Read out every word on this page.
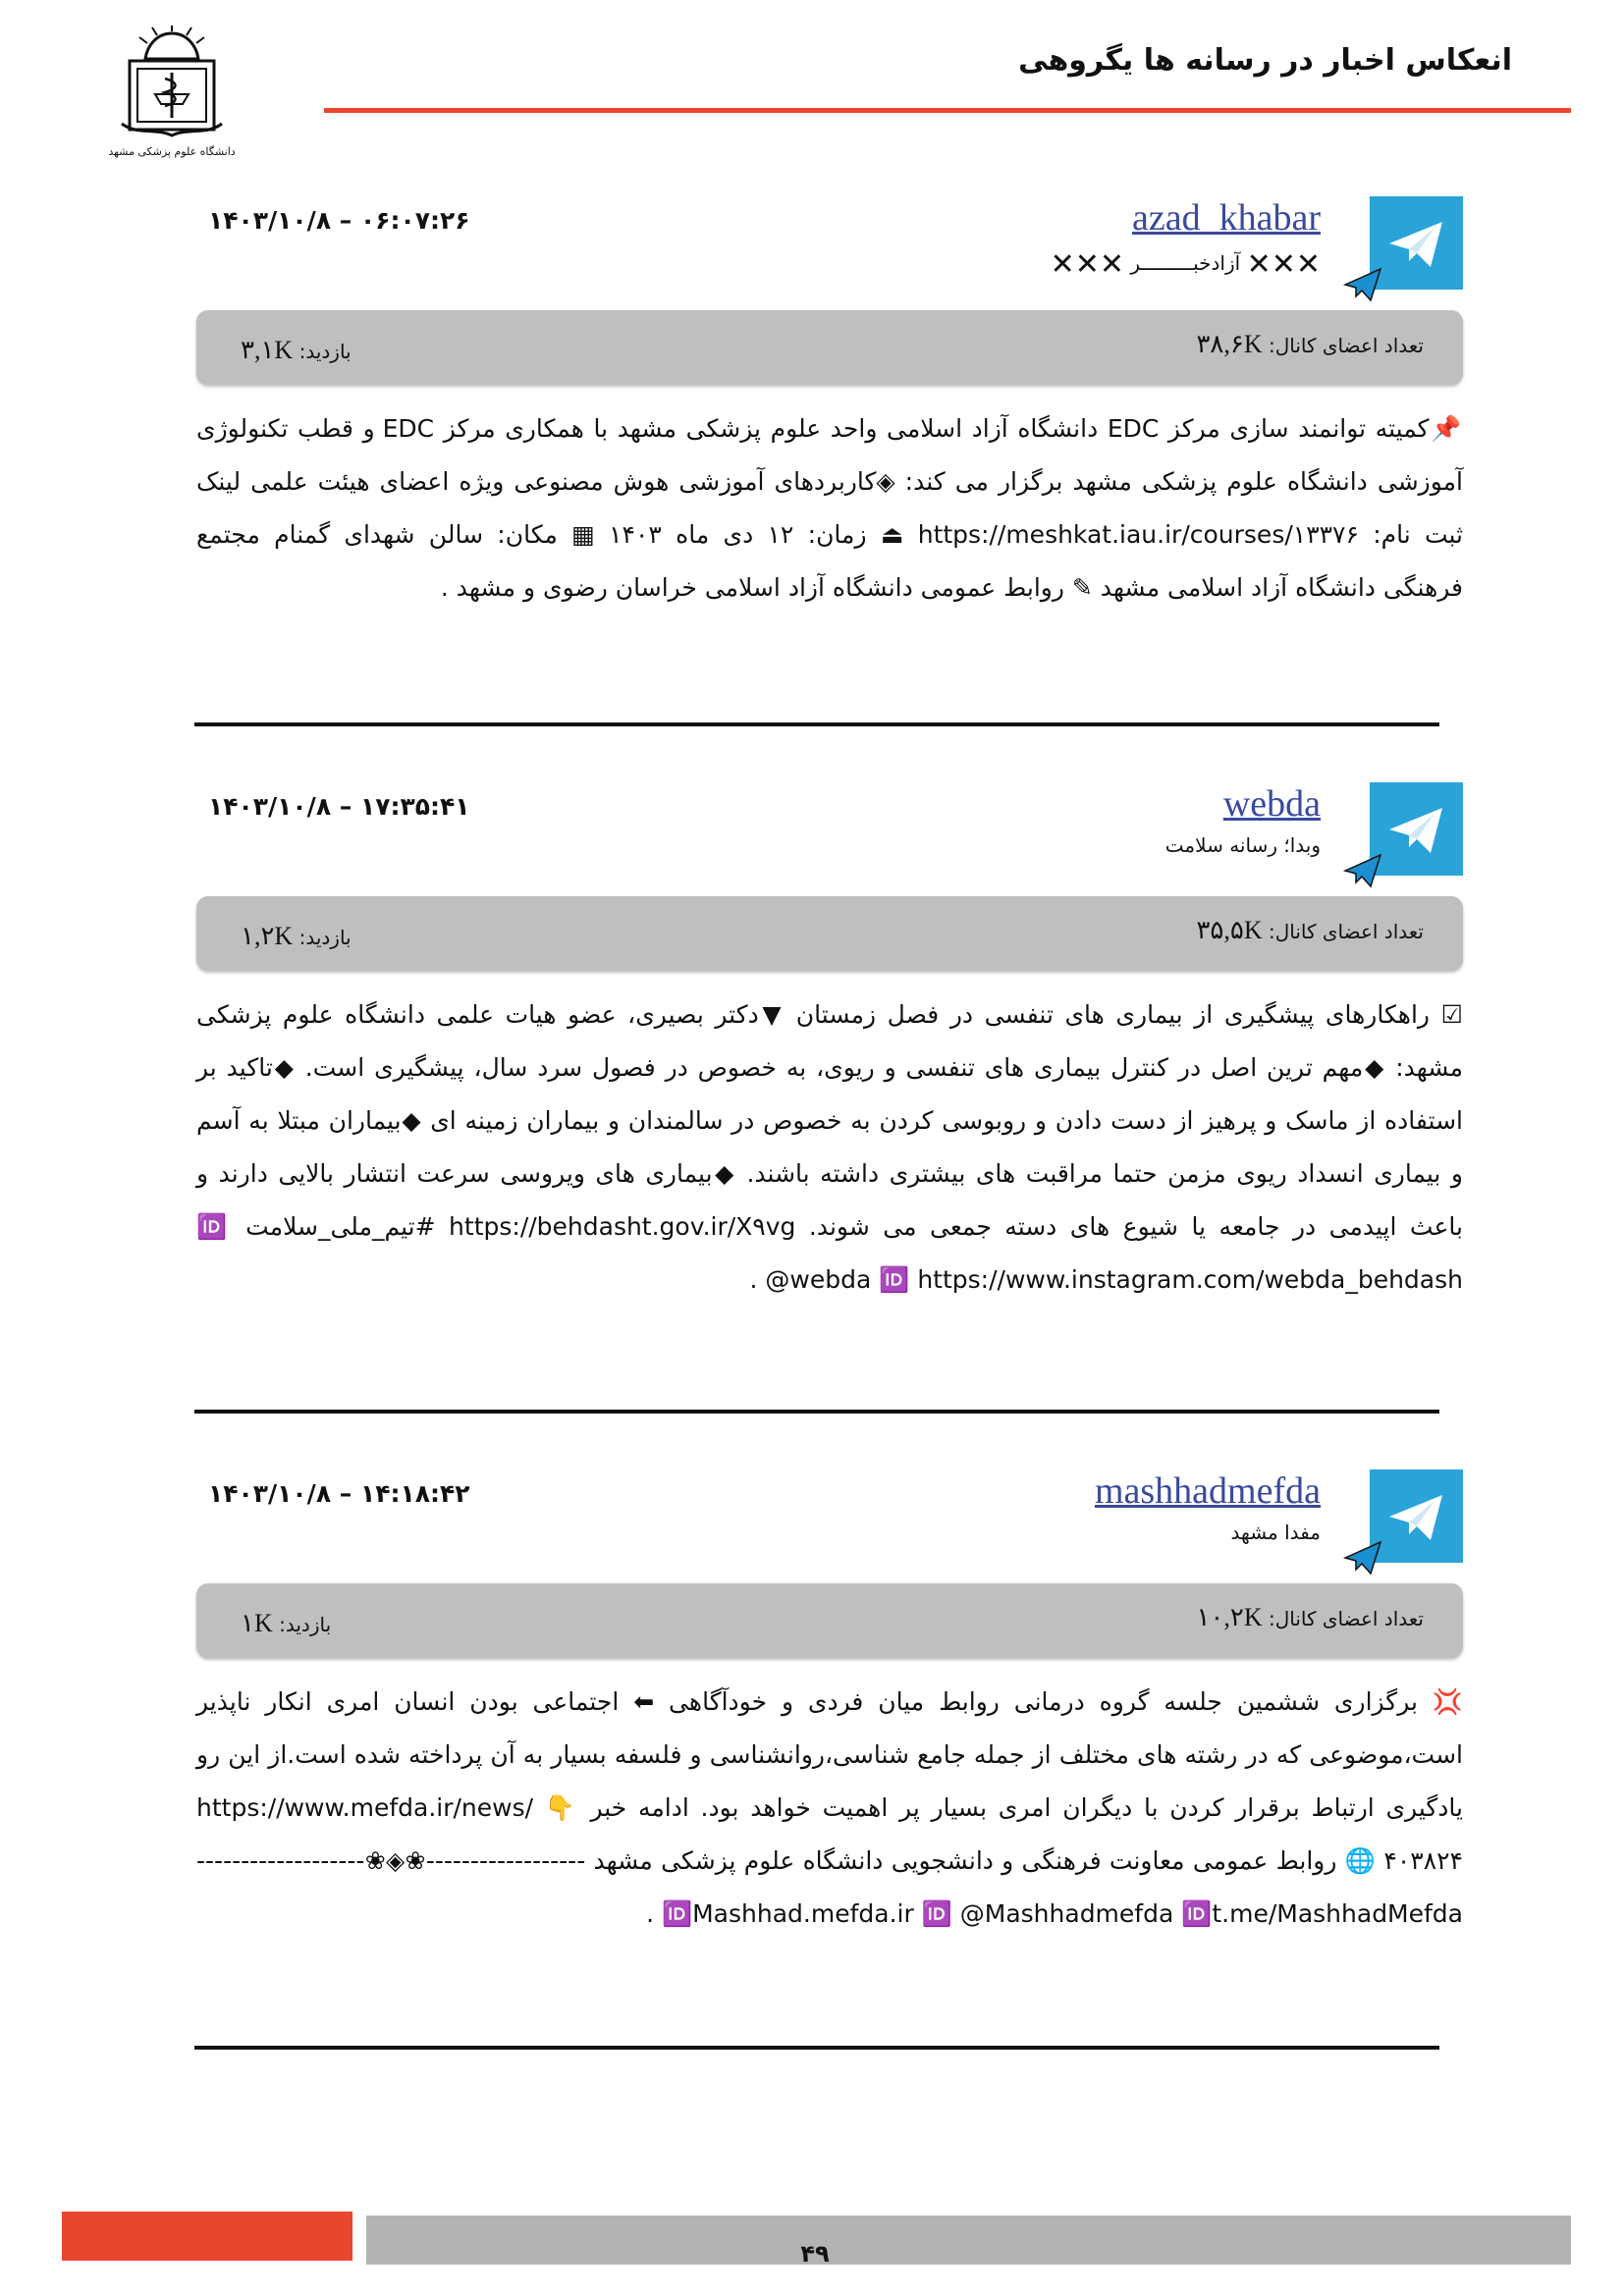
انعکاس اخبار در رسانه ها یگروهی
دانشگاه علوم پزشکی مشهد
azad_khabar
✕✕✕ آزادخبـــــــــر ✕✕✕
۱۴۰۳/۱۰/۸ – ۰۶:۰۷:۲۶
تعداد اعضای کانال: ۳۸,۶K
بازدید: ۳,۱K
📌کمیته توانمند سازی مرکز EDC دانشگاه آزاد اسلامی واحد علوم پزشکی مشهد با همکاری مرکز EDC و قطب تکنولوژی آموزشی دانشگاه علوم پزشکی مشهد برگزار می کند: ◈کاربردهای آموزشی هوش مصنوعی ویژه اعضای هیئت علمی لینک ثبت نام: https://meshkat.iau.ir/courses/۱۳۳۷۶ ⏏ زمان: ۱۲ دی ماه ۱۴۰۳ ▦ مکان: سالن شهدای گمنام مجتمع فرهنگی دانشگاه آزاد اسلامی مشهد ✎ روابط عمومی دانشگاه آزاد اسلامی خراسان رضوی و مشهد .
webda
وبدا؛ رسانه سلامت
۱۴۰۳/۱۰/۸ – ۱۷:۳۵:۴۱
تعداد اعضای کانال: ۳۵,۵K
بازدید: ۱,۲K
☑ راهکارهای پیشگیری از بیماری های تنفسی در فصل زمستان ▼دکتر بصیری، عضو هیات علمی دانشگاه علوم پزشکی مشهد: ◆مهم ترین اصل در کنترل بیماری های تنفسی و ریوی، به خصوص در فصول سرد سال، پیشگیری است. ◆تاکید بر استفاده از ماسک و پرهیز از دست دادن و روبوسی کردن به خصوص در سالمندان و بیماران زمینه ای ◆بیماران مبتلا به آسم و بیماری انسداد ریوی مزمن حتما مراقبت های بیشتری داشته باشند. ◆بیماری های ویروسی سرعت انتشار بالایی دارند و باعث اپیدمی در جامعه یا شیوع های دسته جمعی می شوند. https://behdasht.gov.ir/X۹vg #تیم_ملی_سلامت 🆔 @webda 🆔 https://www.instagram.com/webda_behdash .
mashhadmefda
مفدا مشهد
۱۴۰۳/۱۰/۸ – ۱۴:۱۸:۴۲
تعداد اعضای کانال: ۱۰,۲K
بازدید: ۱K
💢 برگزاری ششمین جلسه گروه درمانی روابط میان فردی و خودآگاهی ⬅ اجتماعی بودن انسان امری انکار ناپذیر است،موضوعی که در رشته های مختلف از جمله جامع شناسی،روانشناسی و فلسفه بسیار به آن پرداخته شده است.از این رو یادگیری ارتباط برقرار کردن با دیگران امری بسیار پر اهمیت خواهد بود. ادامه خبر 👇 https://www.mefda.ir/news/۴۰۳۸۲۴ 🌐 روابط عمومی معاونت فرهنگی و دانشجویی دانشگاه علوم پزشکی مشهد ------------------❀◈❀------------------- 🆔Mashhad.mefda.ir 🆔 @Mashhadmefda 🆔t.me/MashhadMefda .
۴۹
